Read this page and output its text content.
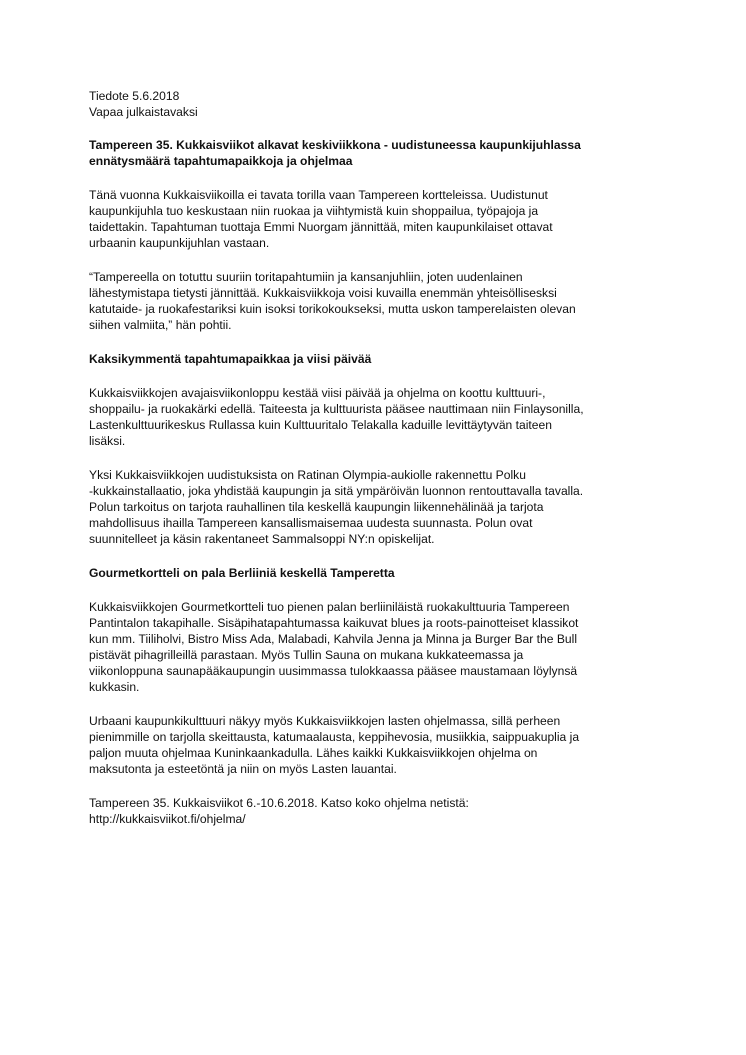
Tiedote 5.6.2018

Vapaa julkaistavaksi

Tampereen 35. Kukkaisviikot alkavat keskiviikkona - uudistuneessa kaupunkijuhlassa
ennätysmäärä tapahtumapaikkoja ja ohjelmaa
Tänä vuonna Kukkaisviikoilla ei tavata torilla vaan Tampereen kortteleissa. Uudistunut
kaupunkijuhla tuo keskustaan niin ruokaa ja viihtymistä kuin shoppailua, työpajoja ja
taidettakin. Tapahtuman tuottaja Emmi Nuorgam jännittää, miten kaupunkilaiset ottavat
urbaanin kaupunkijuhlan vastaan.
“Tampereella on totuttu suuriin toritapahtumiin ja kansanjuhliin, joten uudenlainen
lähestymistapa tietysti jännittää. Kukkaisviikkoja voisi kuvailla enemmän yhteisöllisesksi
katutaide- ja ruokafestariksi kuin isoksi torikokoukseksi, mutta uskon tamperelaisten olevan
siihen valmiita,” hän pohtii.
Kaksikymmentä tapahtumapaikkaa ja viisi päivää
Kukkaisviikkojen avajaisviikonloppu kestää viisi päivää ja ohjelma on koottu kulttuuri-,
shoppailu- ja ruokakärki edellä. Taiteesta ja kulttuurista pääsee nauttimaan niin Finlaysonilla,
Lastenkulttuurikeskus Rullassa kuin Kulttuuritalo Telakalla kaduille levittäytyvän taiteen
lisäksi.
Yksi Kukkaisviikkojen uudistuksista on Ratinan Olympia-aukiolle rakennettu Polku
-kukkainstallaatio, joka yhdistää kaupungin ja sitä ympäröivän luonnon rentouttavalla tavalla.
Polun tarkoitus on tarjota rauhallinen tila keskellä kaupungin liikennehälinää ja tarjota
mahdollisuus ihailla Tampereen kansallismaisemaa uudesta suunnasta. Polun ovat
suunnitelleet ja käsin rakentaneet Sammalsoppi NY:n opiskelijat.
Gourmetkortteli on pala Berliiniä keskellä Tamperetta
Kukkaisviikkojen Gourmetkortteli tuo pienen palan berliiniläistä ruokakulttuuria Tampereen
Pantintalon takapihalle. Sisäpihatapahtumassa kaikuvat blues ja roots-painotteiset klassikot
kun mm. Tiiliholvi, Bistro Miss Ada, Malabadi, Kahvila Jenna ja Minna ja Burger Bar the Bull
pistävät pihagrilleillä parastaan. Myös Tullin Sauna on mukana kukkateemassa ja
viikonloppuna saunapääkaupungin uusimmassa tulokkaassa pääsee maustamaan löylynsä
kukkasin.
Urbaani kaupunkikulttuuri näkyy myös Kukkaisviikkojen lasten ohjelmassa, sillä perheen
pienimmille on tarjolla skeittausta, katumaalausta, keppihevosia, musiikkia, saippuakuplia ja
paljon muuta ohjelmaa Kuninkaankadulla. Lähes kaikki Kukkaisviikkojen ohjelma on
maksutonta ja esteetöntä ja niin on myös Lasten lauantai.
Tampereen 35. Kukkaisviikot 6.-10.6.2018. Katso koko ohjelma netistä:
http://kukkaisviikot.fi/ohjelma/
